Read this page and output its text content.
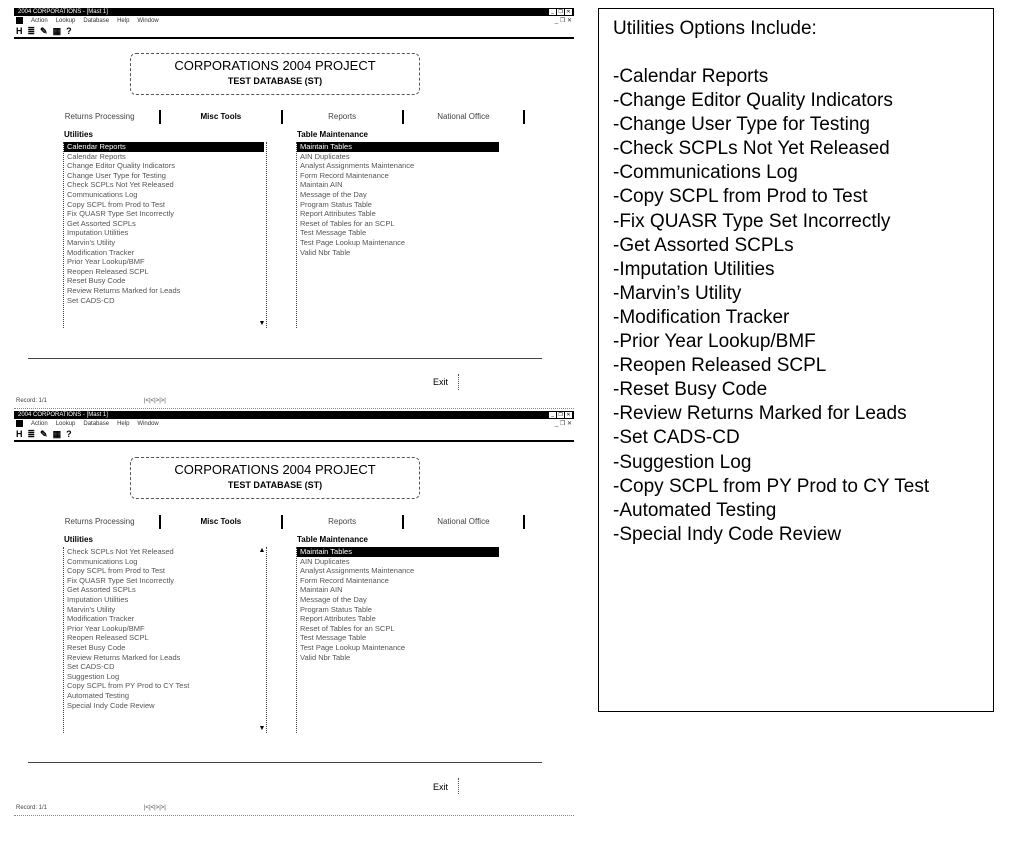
2004 CORPORATIONS - [Mast 1]	_ ❐ ✕
Action Lookup Database Help Window	_ ❐ ✕
H ≣ ✎ ▦ ?
CORPORATIONS 2004 PROJECT
TEST DATABASE (ST)
Returns Processing	Misc Tools	Reports	National Office
Utilities
Calendar Reports
Calendar Reports
Change Editor Quality Indicators
Change User Type for Testing
Check SCPLs Not Yet Released
Communications Log
Copy SCPL from Prod to Test
Fix QUASR Type Set Incorrectly
Get Assorted SCPLs
Imputation Utilities
Marvin's Utility
Modification Tracker
Prior Year Lookup/BMF
Reopen Released SCPL
Reset Busy Code
Review Returns Marked for Leads
Set CADS-CD
▲
▼
Table Maintenance
Maintain Tables
AIN Duplicates
Analyst Assignments Maintenance
Form Record Maintenance
Maintain AIN
Message of the Day
Program Status Table
Report Attributes Table
Reset of Tables for an SCPL
Test Message Table
Test Page Lookup Maintenance
Valid Nbr Table
Exit
Record: 1/1	|<|<|>|>|
2004 CORPORATIONS - [Mast 1]	_ ❐ ✕
Action Lookup Database Help Window	_ ❐ ✕
H ≣ ✎ ▦ ?
CORPORATIONS 2004 PROJECT
TEST DATABASE (ST)
Returns Processing	Misc Tools	Reports	National Office
Utilities
Check SCPLs Not Yet Released
Communications Log
Copy SCPL from Prod to Test
Fix QUASR Type Set Incorrectly
Get Assorted SCPLs
Imputation Utilities
Marvin's Utility
Modification Tracker
Prior Year Lookup/BMF
Reopen Released SCPL
Reset Busy Code
Review Returns Marked for Leads
Set CADS-CD
Suggestion Log
Copy SCPL from PY Prod to CY Test
Automated Testing
Special Indy Code Review
▲
▼
Table Maintenance
Maintain Tables
AIN Duplicates
Analyst Assignments Maintenance
Form Record Maintenance
Maintain AIN
Message of the Day
Program Status Table
Report Attributes Table
Reset of Tables for an SCPL
Test Message Table
Test Page Lookup Maintenance
Valid Nbr Table
Exit
Record: 1/1	|<|<|>|>|
Utilities Options Include:
-Calendar Reports
-Change Editor Quality Indicators
-Change User Type for Testing
-Check SCPLs Not Yet Released
-Communications Log
-Copy SCPL from Prod to Test
-Fix QUASR Type Set Incorrectly
-Get Assorted SCPLs
-Imputation Utilities
-Marvin’s Utility
-Modification Tracker
-Prior Year Lookup/BMF
-Reopen Released SCPL
-Reset Busy Code
-Review Returns Marked for Leads
-Set CADS-CD
-Suggestion Log
-Copy SCPL from PY Prod to CY Test
-Automated Testing
-Special Indy Code Review
